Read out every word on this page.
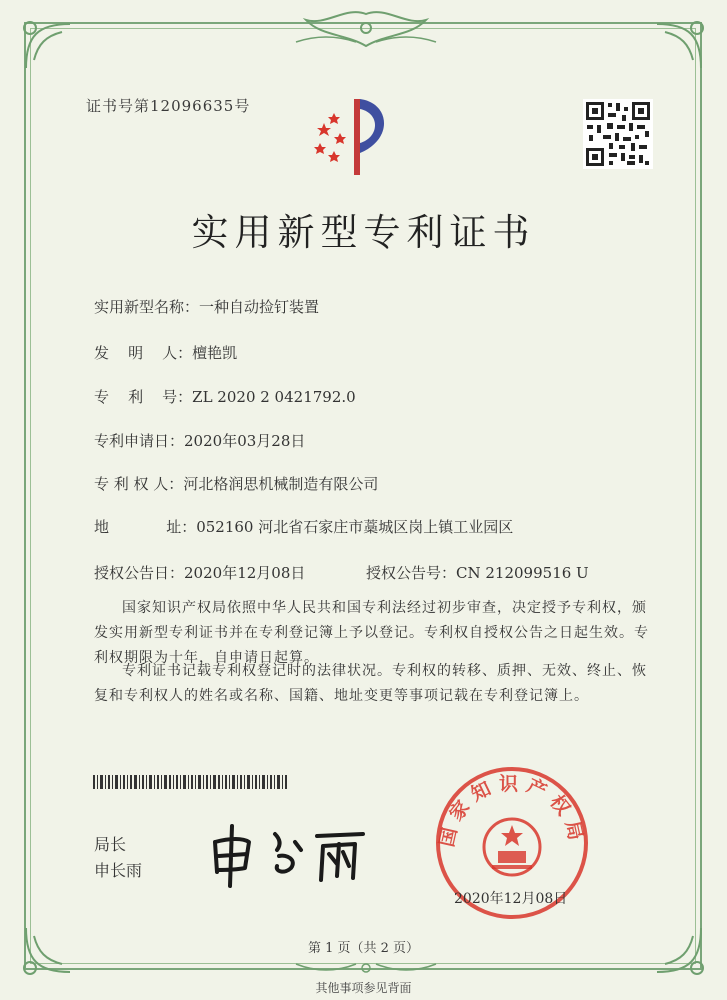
证书号第12096635号
实用新型专利证书
实用新型名称：一种自动捡钉装置
发    明    人：檀艳凯
专    利    号：ZL 2020 2 0421792.0
专利申请日：2020年03月28日
专 利 权 人：河北格润思机械制造有限公司
地            址：052160 河北省石家庄市藁城区岗上镇工业园区
授权公告日：2020年12月08日	授权公告号：CN 212099516 U
国家知识产权局依照中华人民共和国专利法经过初步审查，决定授予专利权，颁发实用新型专利证书并在专利登记簿上予以登记。专利权自授权公告之日起生效。专利权期限为十年，自申请日起算。
专利证书记载专利权登记时的法律状况。专利权的转移、质押、无效、终止、恢复和专利权人的姓名或名称、国籍、地址变更等事项记载在专利登记簿上。
局长
申长雨
国家知识产权局
2020年12月08日
第 1 页（共 2 页）
其他事项参见背面
